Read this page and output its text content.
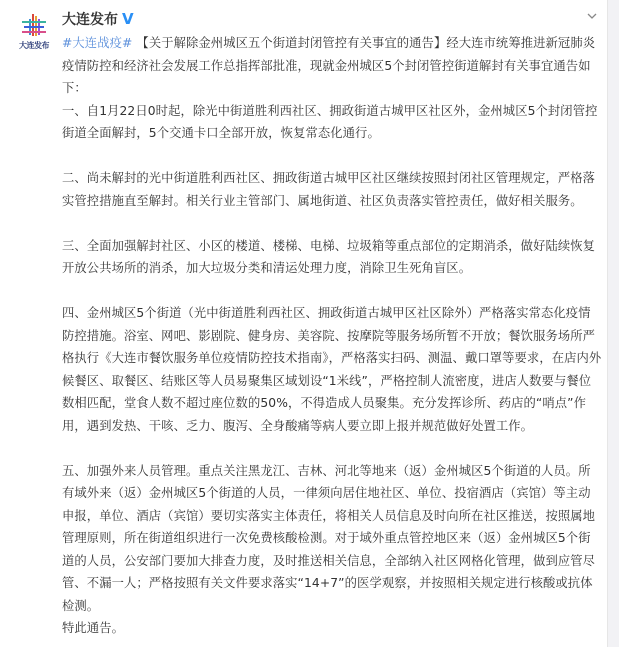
大连发布
大连发布 V

#大连战疫# 【关于解除金州城区五个街道封闭管控有关事宜的通告】经大连市统筹推进新冠肺炎疫情防控和经济社会发展工作总指挥部批准，现就金州城区5个封闭管控街道解封有关事宜通告如下：

一、自1月22日0时起，除光中街道胜利西社区、拥政街道古城甲区社区外，金州城区5个封闭管控街道全面解封，5个交通卡口全部开放，恢复常态化通行。

二、尚未解封的光中街道胜利西社区、拥政街道古城甲区社区继续按照封闭社区管理规定，严格落实管控措施直至解封。相关行业主管部门、属地街道、社区负责落实管控责任，做好相关服务。

三、全面加强解封社区、小区的楼道、楼梯、电梯、垃圾箱等重点部位的定期消杀，做好陆续恢复开放公共场所的消杀，加大垃圾分类和清运处理力度，消除卫生死角盲区。

四、金州城区5个街道（光中街道胜利西社区、拥政街道古城甲区社区除外）严格落实常态化疫情防控措施。浴室、网吧、影剧院、健身房、美容院、按摩院等服务场所暂不开放；餐饮服务场所严格执行《大连市餐饮服务单位疫情防控技术指南》，严格落实扫码、测温、戴口罩等要求，在店内外候餐区、取餐区、结账区等人员易聚集区域划设“1米线”，严格控制人流密度，进店人数要与餐位数相匹配，堂食人数不超过座位数的50%，不得造成人员聚集。充分发挥诊所、药店的“哨点”作用，遇到发热、干咳、乏力、腹泻、全身酸痛等病人要立即上报并规范做好处置工作。

五、加强外来人员管理。重点关注黑龙江、吉林、河北等地来（返）金州城区5个街道的人员。所有域外来（返）金州城区5个街道的人员，一律须向居住地社区、单位、投宿酒店（宾馆）等主动申报，单位、酒店（宾馆）要切实落实主体责任，将相关人员信息及时向所在社区推送，按照属地管理原则，所在街道组织进行一次免费核酸检测。对于域外重点管控地区来（返）金州城区5个街道的人员，公安部门要加大排查力度，及时推送相关信息，全部纳入社区网格化管理，做到应管尽管、不漏一人；严格按照有关文件要求落实“14+7”的医学观察，并按照相关规定进行核酸或抗体检测。

特此通告。
